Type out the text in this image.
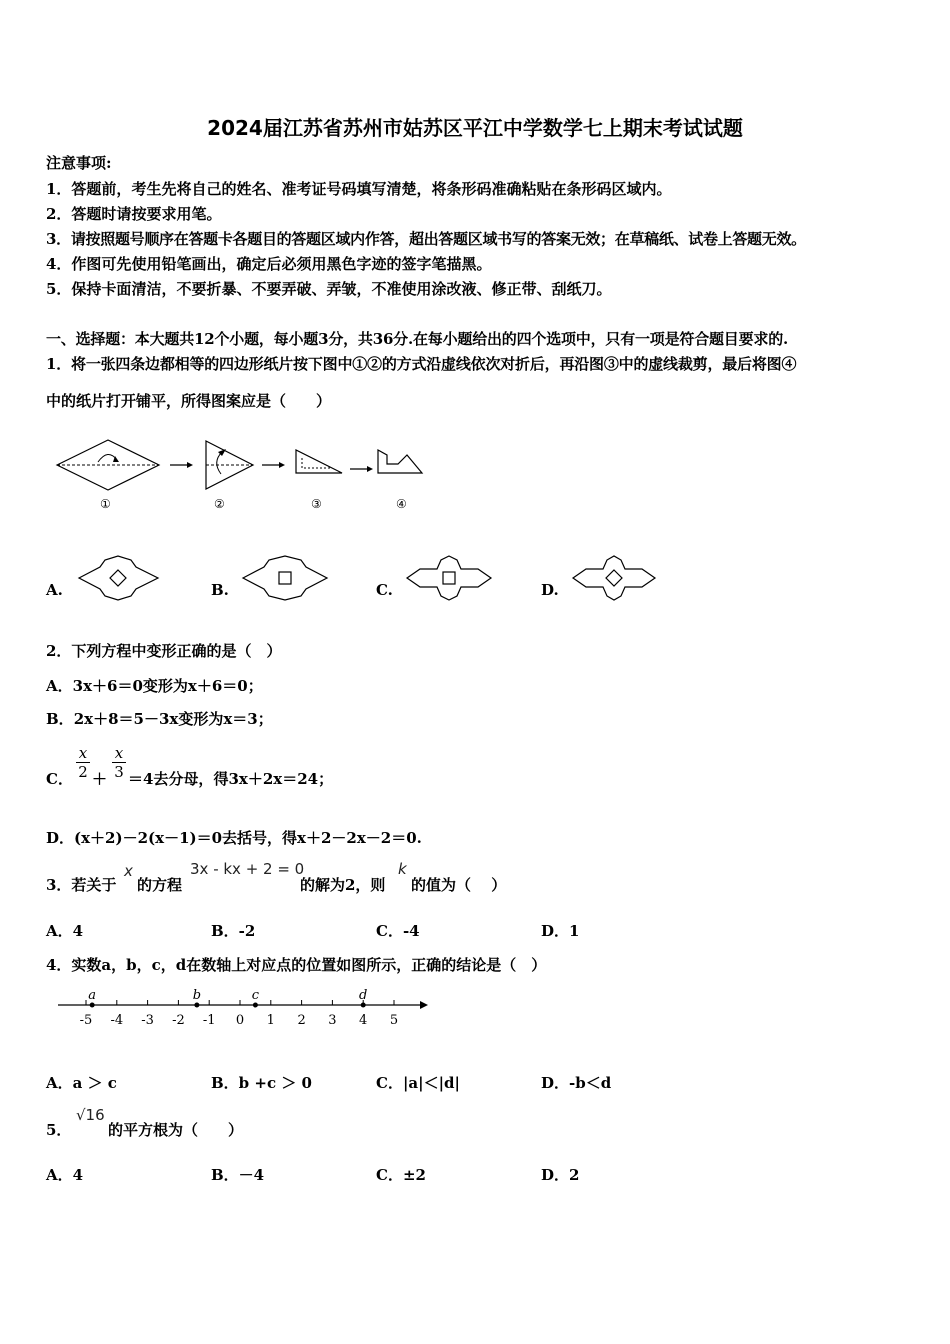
2024届江苏省苏州市姑苏区平江中学数学七上期末考试试题
注意事项:
1．答题前，考生先将自己的姓名、准考证号码填写清楚，将条形码准确粘贴在条形码区域内。
2．答题时请按要求用笔。
3．请按照题号顺序在答题卡各题目的答题区域内作答，超出答题区域书写的答案无效；在草稿纸、试卷上答题无效。
4．作图可先使用铅笔画出，确定后必须用黑色字迹的签字笔描黑。
5．保持卡面清洁，不要折暴、不要弄破、弄皱，不准使用涂改液、修正带、刮纸刀。
一、选择题：本大题共12个小题，每小题3分，共36分.在每小题给出的四个选项中，只有一项是符合题目要求的.
1．将一张四条边都相等的四边形纸片按下图中①②的方式沿虚线依次对折后，再沿图③中的虚线裁剪，最后将图④
中的纸片打开铺平，所得图案应是（　　）
①	②	③	④
A.	B.	C.	D.
2．下列方程中变形正确的是（　）
A．3x＋6＝0变形为x＋6＝0；
B．2x＋8＝5－3x变形为x＝3；
C． $\frac{x}{2} + \frac{x}{3} =4$去分母，得3x＋2x＝24；
D．(x＋2)－2(x－1)＝0去括号，得x＋2－2x－2＝0.
3．若关于
x
的方程
3x - kx + 2 = 0
的解为2，则
k
的值为（　 ）
A．4	B．-2	C．-4	D．1
4．实数a，b，c，d在数轴上对应点的位置如图所示，正确的结论是（　）
-5 -4 -3 -2 -1 0 1 2 3 4 5
a	b	c	d
A．a ＞ c	B．b +c ＞ 0	C．|a|＜|d|	D．-b＜d
5．
√16
的平方根为（　　）
A．4	B．－4	C．±2	D．2
